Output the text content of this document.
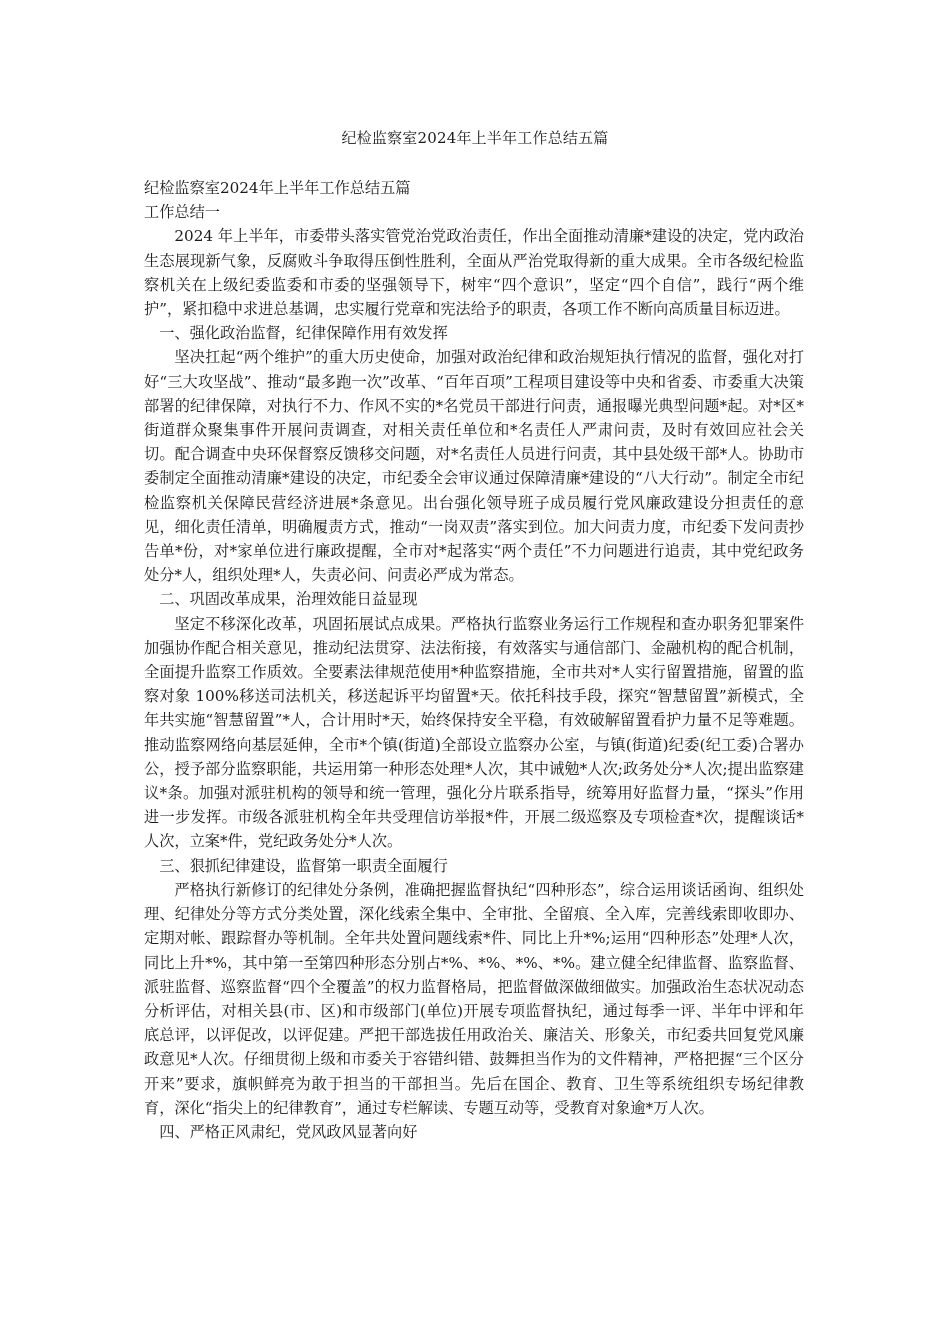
纪检监察室2024年上半年工作总结五篇

纪检监察室2024年上半年工作总结五篇

工作总结一

2024 年上半年，市委带头落实管党治党政治责任，作出全面推动清廉*建设的决定，党内政治生态展现新气象，反腐败斗争取得压倒性胜利，全面从严治党取得新的重大成果。全市各级纪检监察机关在上级纪委监委和市委的坚强领导下，树牢“四个意识”，坚定“四个自信”，践行“两个维护”，紧扣稳中求进总基调，忠实履行党章和宪法给予的职责，各项工作不断向高质量目标迈进。

一、强化政治监督，纪律保障作用有效发挥

坚决扛起“两个维护”的重大历史使命，加强对政治纪律和政治规矩执行情况的监督，强化对打好“三大攻坚战”、推动“最多跑一次”改革、“百年百项”工程项目建设等中央和省委、市委重大决策部署的纪律保障，对执行不力、作风不实的*名党员干部进行问责，通报曝光典型问题*起。对*区*街道群众聚集事件开展问责调查，对相关责任单位和*名责任人严肃问责，及时有效回应社会关切。配合调查中央环保督察反馈移交问题，对*名责任人员进行问责，其中县处级干部*人。协助市委制定全面推动清廉*建设的决定，市纪委全会审议通过保障清廉*建设的“八大行动”。制定全市纪检监察机关保障民营经济进展*条意见。出台强化领导班子成员履行党风廉政建设分担责任的意见，细化责任清单，明确履责方式，推动“一岗双责”落实到位。加大问责力度，市纪委下发问责抄告单*份，对*家单位进行廉政提醒，全市对*起落实“两个责任”不力问题进行追责，其中党纪政务处分*人，组织处理*人，失责必问、问责必严成为常态。

二、巩固改革成果，治理效能日益显现

坚定不移深化改革，巩固拓展试点成果。严格执行监察业务运行工作规程和查办职务犯罪案件加强协作配合相关意见，推动纪法贯穿、法法衔接，有效落实与通信部门、金融机构的配合机制，全面提升监察工作质效。全要素法律规范使用*种监察措施，全市共对*人实行留置措施，留置的监察对象 100%移送司法机关，移送起诉平均留置*天。依托科技手段，探究“智慧留置”新模式，全年共实施“智慧留置”*人，合计用时*天，始终保持安全平稳，有效破解留置看护力量不足等难题。推动监察网络向基层延伸，全市*个镇(街道)全部设立监察办公室，与镇(街道)纪委(纪工委)合署办公，授予部分监察职能，共运用第一种形态处理*人次，其中诫勉*人次;政务处分*人次;提出监察建议*条。加强对派驻机构的领导和统一管理，强化分片联系指导，统筹用好监督力量，“探头”作用进一步发挥。市级各派驻机构全年共受理信访举报*件，开展二级巡察及专项检查*次，提醒谈话*人次，立案*件，党纪政务处分*人次。

三、狠抓纪律建设，监督第一职责全面履行

严格执行新修订的纪律处分条例，准确把握监督执纪“四种形态”，综合运用谈话函询、组织处理、纪律处分等方式分类处置，深化线索全集中、全审批、全留痕、全入库，完善线索即收即办、定期对帐、跟踪督办等机制。全年共处置问题线索*件、同比上升*%;运用“四种形态”处理*人次，同比上升*%，其中第一至第四种形态分别占*%、*%、*%、*%。建立健全纪律监督、监察监督、派驻监督、巡察监督“四个全覆盖”的权力监督格局，把监督做深做细做实。加强政治生态状况动态分析评估，对相关县(市、区)和市级部门(单位)开展专项监督执纪，通过每季一评、半年中评和年底总评，以评促改，以评促建。严把干部选拔任用政治关、廉洁关、形象关，市纪委共回复党风廉政意见*人次。仔细贯彻上级和市委关于容错纠错、鼓舞担当作为的文件精神，严格把握“三个区分开来”要求，旗帜鲜亮为敢于担当的干部担当。先后在国企、教育、卫生等系统组织专场纪律教育，深化“指尖上的纪律教育”，通过专栏解读、专题互动等，受教育对象逾*万人次。

四、严格正风肃纪，党风政风显著向好
